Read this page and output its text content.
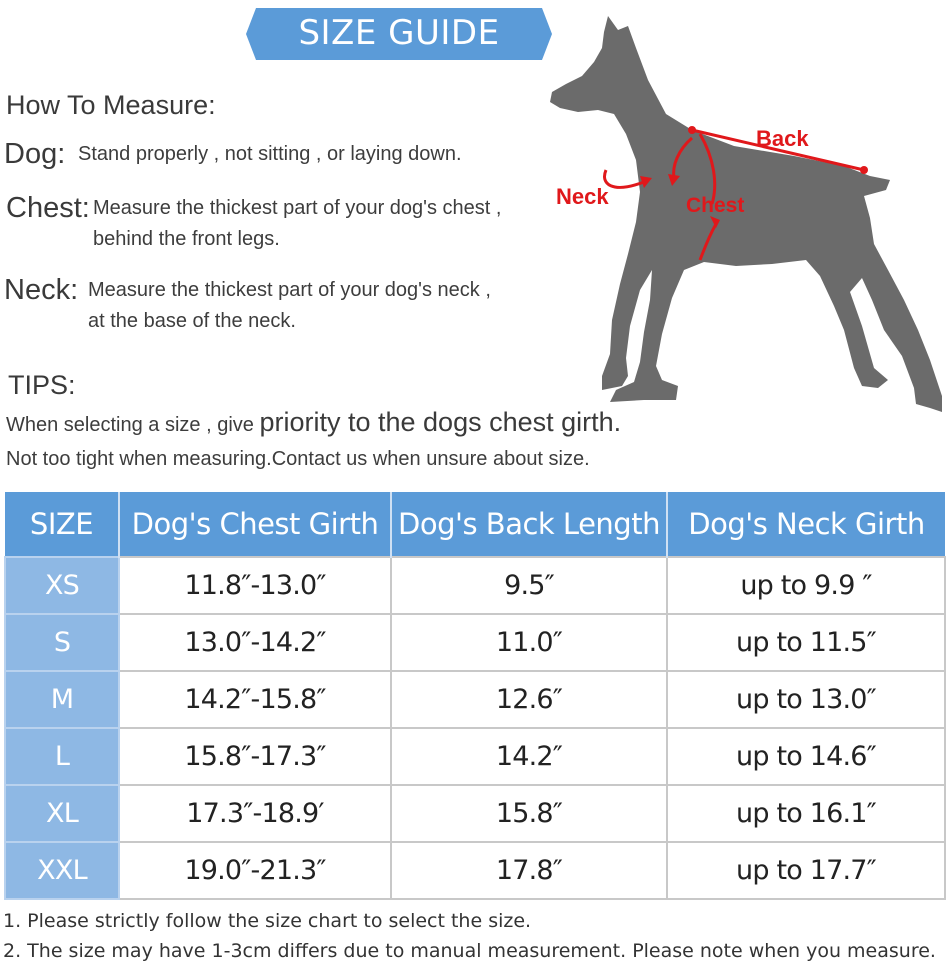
SIZE GUIDE
How To Measure:
Dog: Stand properly , not sitting , or laying down.
Chest: Measure the thickest part of your dog's chest ,
behind the front legs.
Neck: Measure the thickest part of your dog's neck ,
at the base of the neck.
TIPS:
When selecting a size , give priority to the dogs chest girth.
Not too tight when measuring.Contact us when unsure about size.
Back
Neck	Chest
SIZE	Dog's Chest Girth	Dog's Back Length	Dog's Neck Girth
XS	11.8″-13.0″	9.5″	up to 9.9 ″
S	13.0″-14.2″	11.0″	up to 11.5″
M	14.2″-15.8″	12.6″	up to 13.0″
L	15.8″-17.3″	14.2″	up to 14.6″
XL	17.3″-18.9′	15.8″	up to 16.1″
XXL	19.0″-21.3″	17.8″	up to 17.7″
1. Please strictly follow the size chart to select the size.
2. The size may have 1-3cm differs due to manual measurement. Please note when you measure.
